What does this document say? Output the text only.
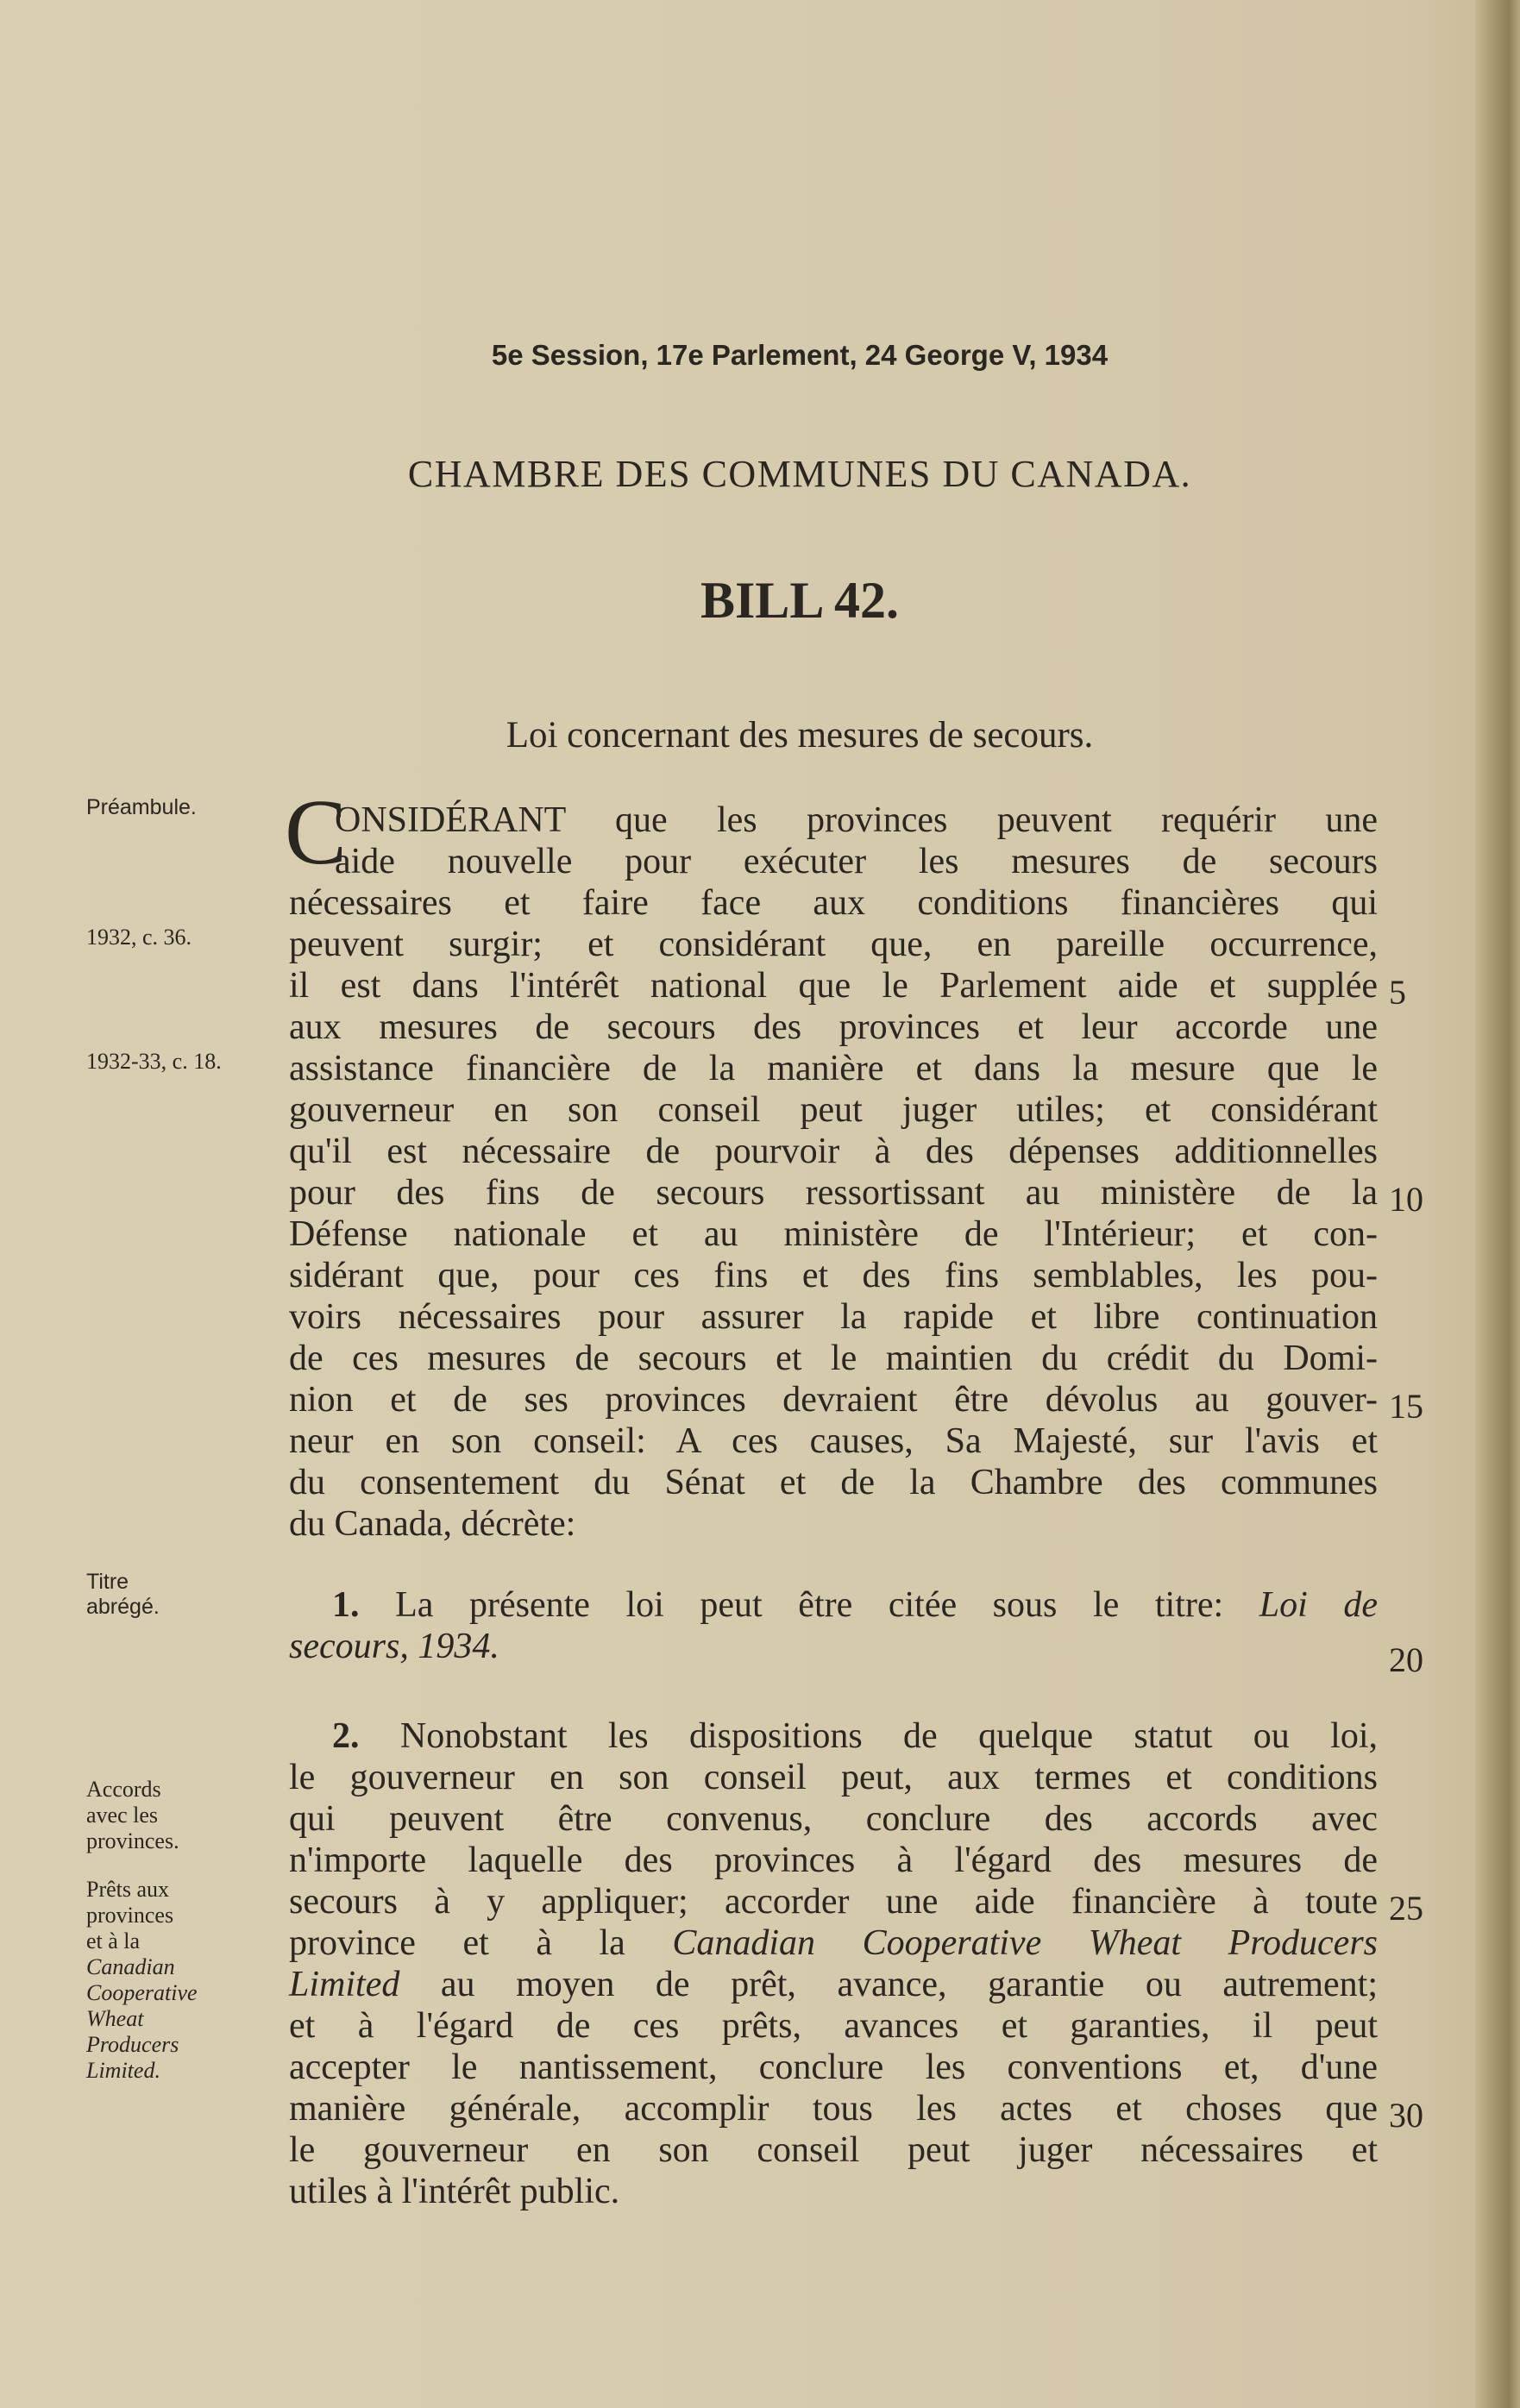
5e Session, 17e Parlement, 24 George V, 1934
CHAMBRE DES COMMUNES DU CANADA.
BILL 42.
Loi concernant des mesures de secours.
Préambule.
1932, c. 36.
1932-33, c. 18.
Titre
abrégé.
Accords
avec les
provinces.
Prêts aux
provinces
et à la
Canadian
Cooperative
Wheat
Producers
Limited.
C
ONSIDÉRANT que les provinces peuvent requérir une
aide nouvelle pour exécuter les mesures de secours
nécessaires et faire face aux conditions financières qui
peuvent surgir; et considérant que, en pareille occurrence,
il est dans l'intérêt national que le Parlement aide et supplée
aux mesures de secours des provinces et leur accorde une
assistance financière de la manière et dans la mesure que le
gouverneur en son conseil peut juger utiles; et considérant
qu'il est nécessaire de pourvoir à des dépenses additionnelles
pour des fins de secours ressortissant au ministère de la
Défense nationale et au ministère de l'Intérieur; et con-
sidérant que, pour ces fins et des fins semblables, les pou-
voirs nécessaires pour assurer la rapide et libre continuation
de ces mesures de secours et le maintien du crédit du Domi-
nion et de ses provinces devraient être dévolus au gouver-
neur en son conseil: A ces causes, Sa Majesté, sur l'avis et
du consentement du Sénat et de la Chambre des communes
du Canada, décrète:
1. La présente loi peut être citée sous le titre: Loi de
secours, 1934.
2. Nonobstant les dispositions de quelque statut ou loi,
le gouverneur en son conseil peut, aux termes et conditions
qui peuvent être convenus, conclure des accords avec
n'importe laquelle des provinces à l'égard des mesures de
secours à y appliquer; accorder une aide financière à toute
province et à la Canadian Cooperative Wheat Producers
Limited au moyen de prêt, avance, garantie ou autrement;
et à l'égard de ces prêts, avances et garanties, il peut
accepter le nantissement, conclure les conventions et, d'une
manière générale, accomplir tous les actes et choses que
le gouverneur en son conseil peut juger nécessaires et
utiles à l'intérêt public.
5
10
15
20
25
30
